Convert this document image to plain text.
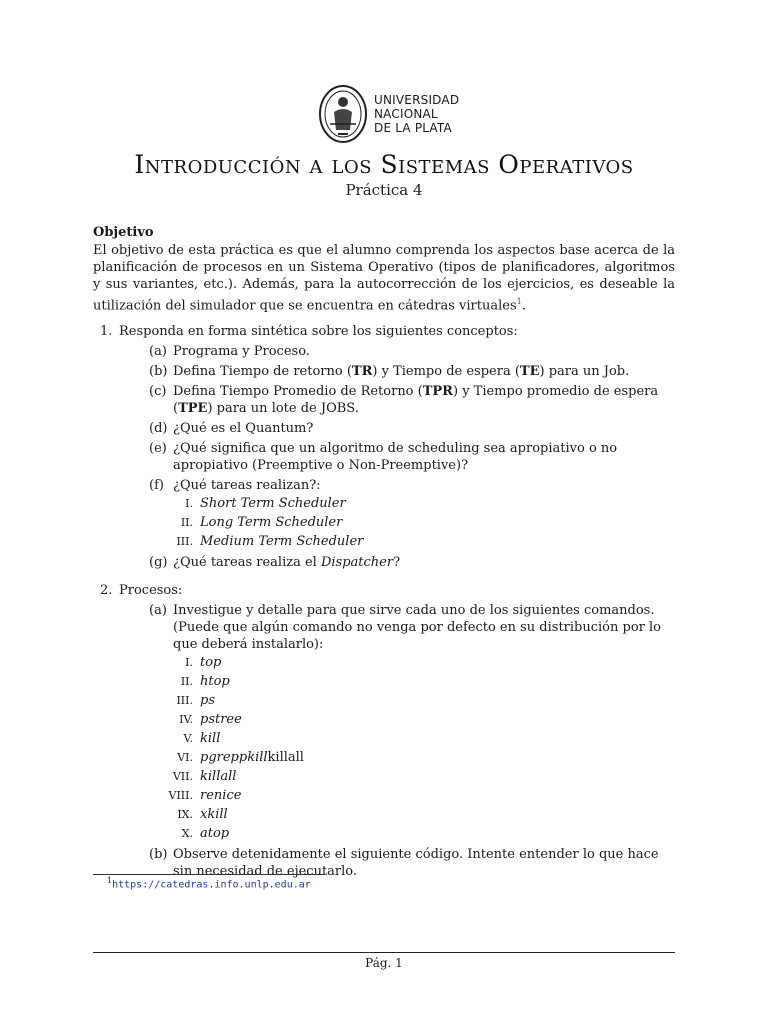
UNIVERSIDAD
NACIONAL
DE LA PLATA
Introducción a los Sistemas Operativos
Práctica 4

Objetivo

El objetivo de esta práctica es que el alumno comprenda los aspectos base acerca de la planificación de procesos en un Sistema Operativo (tipos de planificadores, algoritmos y sus variantes, etc.). Además, para la autocorrección de los ejercicios, es deseable la utilización del simulador que se encuentra en cátedras virtuales$^1$.

1. Responda en forma sintética sobre los siguientes conceptos:
(a) Programa y Proceso.
(b) Defina Tiempo de retorno (TR) y Tiempo de espera (TE) para un Job.
(c) Defina Tiempo Promedio de Retorno (TPR) y Tiempo promedio de espera (TPE) para un lote de JOBS.
(d) ¿Qué es el Quantum?
(e) ¿Qué significa que un algoritmo de scheduling sea apropiativo o no apropiativo (Preemptive o Non-Preemptive)?
(f) ¿Qué tareas realizan?:
I. Short Term Scheduler
II. Long Term Scheduler
III. Medium Term Scheduler
(g) ¿Qué tareas realiza el Dispatcher?
2. Procesos:
(a) Investigue y detalle para que sirve cada uno de los siguientes comandos. (Puede que algún comando no venga por defecto en su distribución por lo que deberá instalarlo):
I. top
II. htop
III. ps
IV. pstree
V. kill
VI. pgreppkillkillall
VII. killall
VIII. renice
IX. xkill
X. atop
(b) Observe detenidamente el siguiente código. Intente entender lo que hace sin necesidad de ejecutarlo.
$^1$https://catedras.info.unlp.edu.ar
Pág. 1
